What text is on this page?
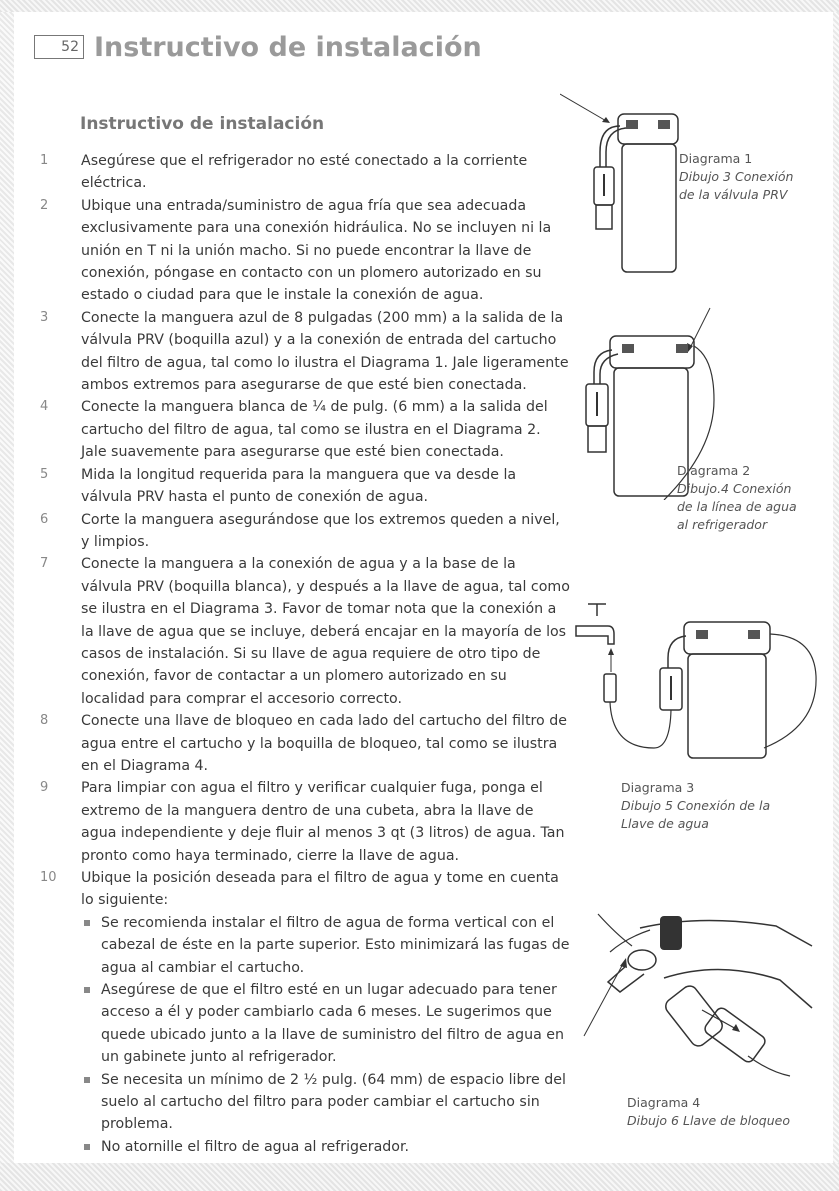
52 Instructivo de instalación
Instructivo de instalación
1	Asegúrese que el refrigerador no esté conectado a la corriente eléctrica.
2	Ubique una entrada/suministro de agua fría que sea adecuada exclusivamente para una conexión hidráulica. No se incluyen ni la unión en T ni la unión macho. Si no puede encontrar la llave de conexión, póngase en contacto con un plomero autorizado en su estado o ciudad para que le instale la conexión de agua.
3	Conecte la manguera azul de 8 pulgadas (200 mm) a la salida de la válvula PRV (boquilla azul) y a la conexión de entrada del cartucho del filtro de agua, tal como lo ilustra el Diagrama 1. Jale ligeramente ambos extremos para asegurarse de que esté bien conectada.
4	Conecte la manguera blanca de ¼ de pulg. (6 mm) a la salida del cartucho del filtro de agua, tal como se ilustra en el Diagrama 2. Jale suavemente para asegurarse que esté bien conectada.
5	Mida la longitud requerida para la manguera que va desde la válvula PRV hasta el punto de conexión de agua.
6	Corte la manguera asegurándose que los extremos queden a nivel, y limpios.
7	Conecte la manguera a la conexión de agua y a la base de la válvula PRV (boquilla blanca), y después a la llave de agua, tal como se ilustra en el Diagrama 3. Favor de tomar nota que la conexión a la llave de agua que se incluye, deberá encajar en la mayoría de los casos de instalación. Si su llave de agua requiere de otro tipo de conexión, favor de contactar a un plomero autorizado en su localidad para comprar el accesorio correcto.
8	Conecte una llave de bloqueo en cada lado del cartucho del filtro de agua entre el cartucho y la boquilla de bloqueo, tal como se ilustra en el Diagrama 4.
9	Para limpiar con agua el filtro y verificar cualquier fuga, ponga el extremo de la manguera dentro de una cubeta, abra la llave de agua independiente y deje fluir al menos 3 qt (3 litros) de agua. Tan pronto como haya terminado, cierre la llave de agua.
10 Ubique la posición deseada para el filtro de agua y tome en cuenta lo siguiente:
Se recomienda instalar el filtro de agua de forma vertical con el cabezal de éste en la parte superior. Esto minimizará las fugas de agua al cambiar el cartucho.
Asegúrese de que el filtro esté en un lugar adecuado para tener acceso a él y poder cambiarlo cada 6 meses. Le sugerimos que quede ubicado junto a la llave de suministro del filtro de agua en un gabinete junto al refrigerador.
Se necesita un mínimo de 2 ½ pulg. (64 mm) de espacio libre del suelo al cartucho del filtro para poder cambiar el cartucho sin problema.
No atornille el filtro de agua al refrigerador.
Diagrama 1
Dibujo 3 Conexión de la válvula PRV
Diagrama 2
Dibujo.4 Conexión de la línea de agua al refrigerador
Diagrama 3
Dibujo 5 Conexión de la Llave de agua
Diagrama 4
Dibujo 6 Llave de bloqueo
